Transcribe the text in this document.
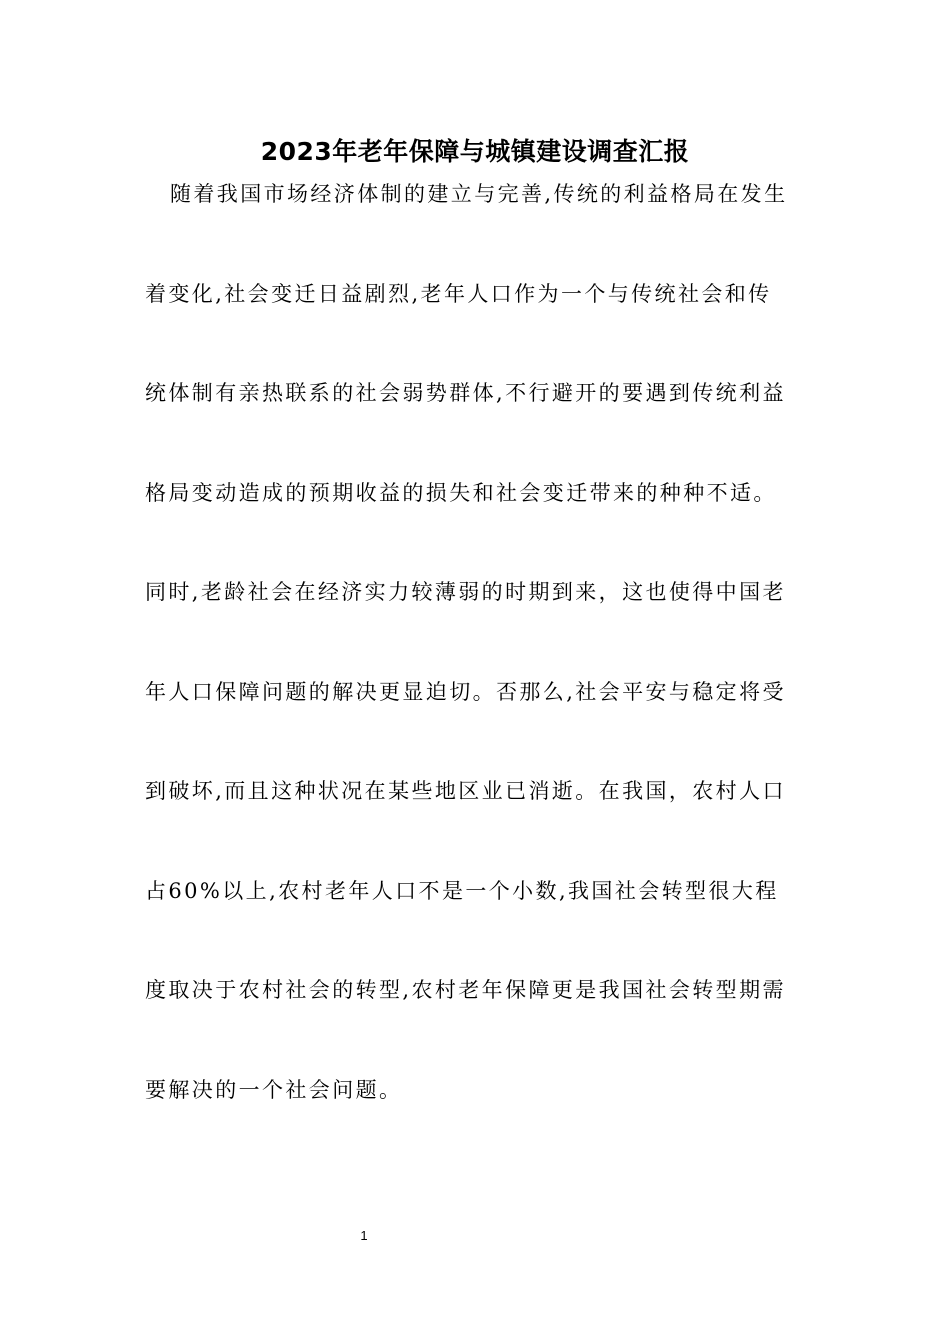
2023年老年保障与城镇建设调查汇报
随着我国市场经济体制的建立与完善,传统的利益格局在发生
着变化,社会变迁日益剧烈,老年人口作为一个与传统社会和传
统体制有亲热联系的社会弱势群体,不行避开的要遇到传统利益
格局变动造成的预期收益的损失和社会变迁带来的种种不适。
同时,老龄社会在经济实力较薄弱的时期到来，这也使得中国老
年人口保障问题的解决更显迫切。否那么,社会平安与稳定将受
到破坏,而且这种状况在某些地区业已消逝。在我国，农村人口
占60%以上,农村老年人口不是一个小数,我国社会转型很大程
度取决于农村社会的转型,农村老年保障更是我国社会转型期需
要解决的一个社会问题。
1
